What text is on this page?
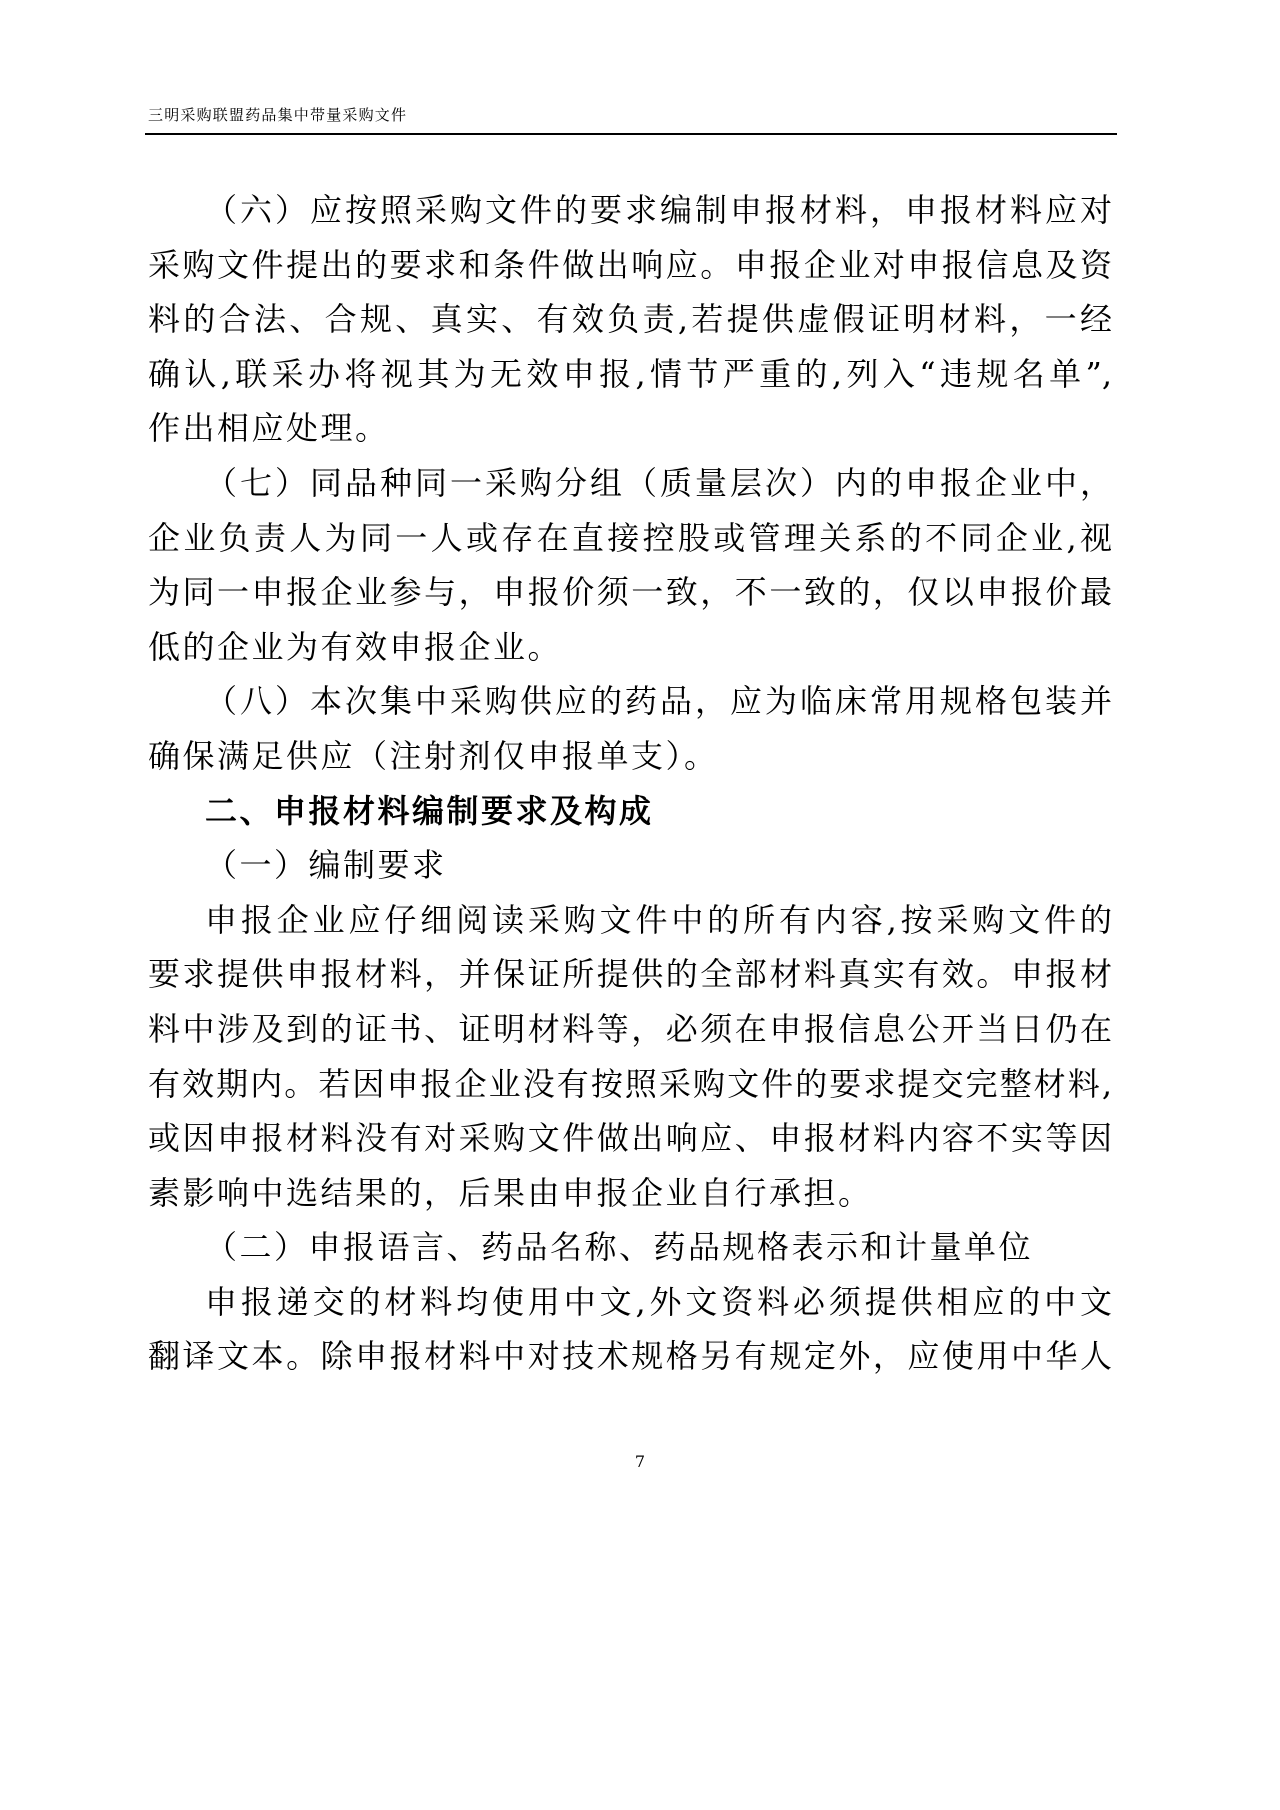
三明采购联盟药品集中带量采购文件
（六）应按照采购文件的要求编制申报材料，申报材料应对
采购文件提出的要求和条件做出响应。申报企业对申报信息及资
料的合法、合规、真实、有效负责,若提供虚假证明材料，一经
确认,联采办将视其为无效申报,情节严重的,列入“违规名单”,
作出相应处理。
（七）同品种同一采购分组（质量层次）内的申报企业中，
企业负责人为同一人或存在直接控股或管理关系的不同企业,视
为同一申报企业参与，申报价须一致，不一致的，仅以申报价最
低的企业为有效申报企业。
（八）本次集中采购供应的药品，应为临床常用规格包装并
确保满足供应（注射剂仅申报单支）。
二、申报材料编制要求及构成
（一）编制要求
申报企业应仔细阅读采购文件中的所有内容,按采购文件的
要求提供申报材料，并保证所提供的全部材料真实有效。申报材
料中涉及到的证书、证明材料等，必须在申报信息公开当日仍在
有效期内。若因申报企业没有按照采购文件的要求提交完整材料,
或因申报材料没有对采购文件做出响应、申报材料内容不实等因
素影响中选结果的，后果由申报企业自行承担。
（二）申报语言、药品名称、药品规格表示和计量单位
申报递交的材料均使用中文,外文资料必须提供相应的中文
翻译文本。除申报材料中对技术规格另有规定外，应使用中华人
7
